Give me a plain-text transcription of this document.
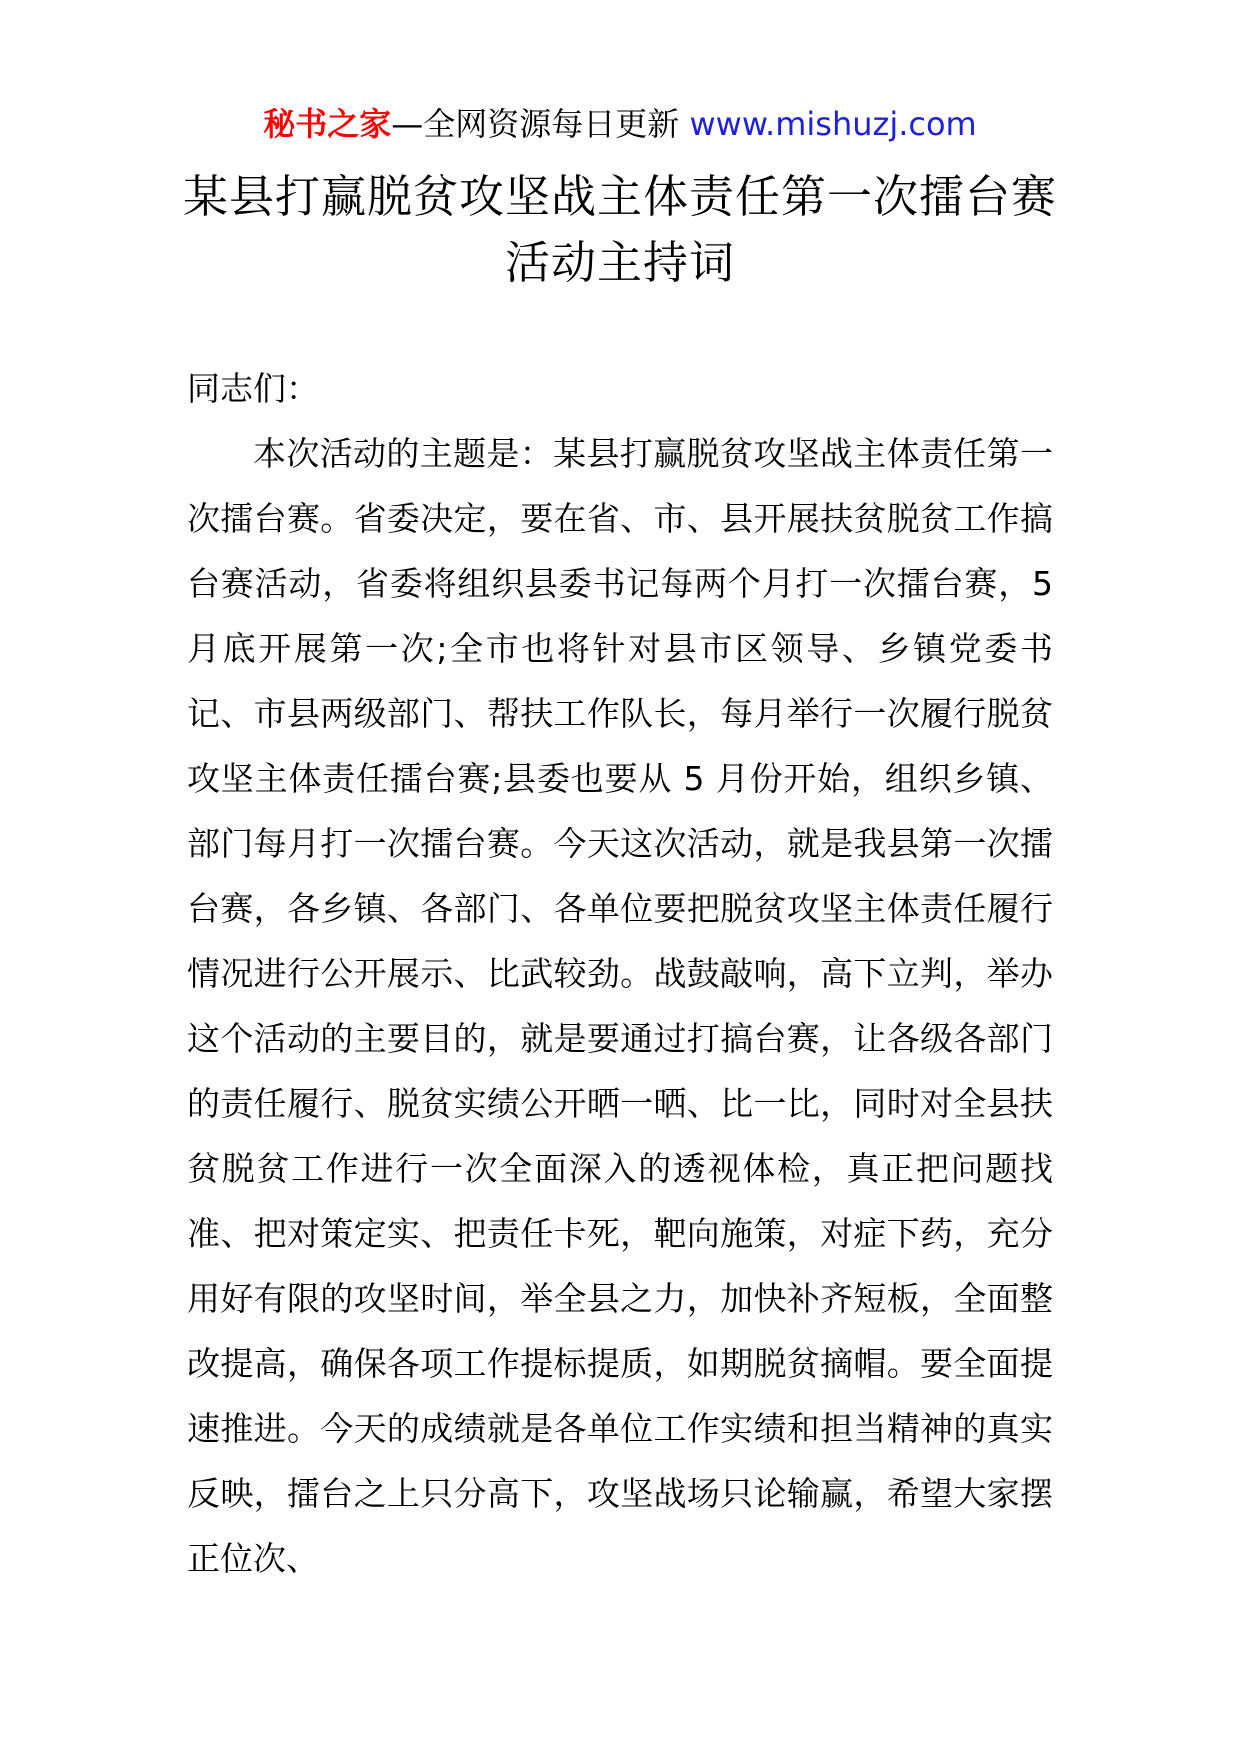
秘书之家—全网资源每日更新 www.mishuzj.com
某县打赢脱贫攻坚战主体责任第一次擂台赛活动主持词

同志们：

本次活动的主题是：某县打赢脱贫攻坚战主体责任第一次擂台赛。省委决定，要在省、市、县开展扶贫脱贫工作搞台赛活动，省委将组织县委书记每两个月打一次擂台赛，5 月底开展第一次;全市也将针对县市区领导、乡镇党委书记、市县两级部门、帮扶工作队长，每月举行一次履行脱贫攻坚主体责任擂台赛;县委也要从 5 月份开始，组织乡镇、部门每月打一次擂台赛。今天这次活动，就是我县第一次擂台赛，各乡镇、各部门、各单位要把脱贫攻坚主体责任履行情况进行公开展示、比武较劲。战鼓敲响，高下立判，举办这个活动的主要目的，就是要通过打搞台赛，让各级各部门的责任履行、脱贫实绩公开晒一晒、比一比，同时对全县扶贫脱贫工作进行一次全面深入的透视体检，真正把问题找准、把对策定实、把责任卡死，靶向施策，对症下药，充分用好有限的攻坚时间，举全县之力，加快补齐短板，全面整改提高，确保各项工作提标提质，如期脱贫摘帽。要全面提速推进。今天的成绩就是各单位工作实绩和担当精神的真实反映，擂台之上只分高下，攻坚战场只论输赢，希望大家摆正位次、
